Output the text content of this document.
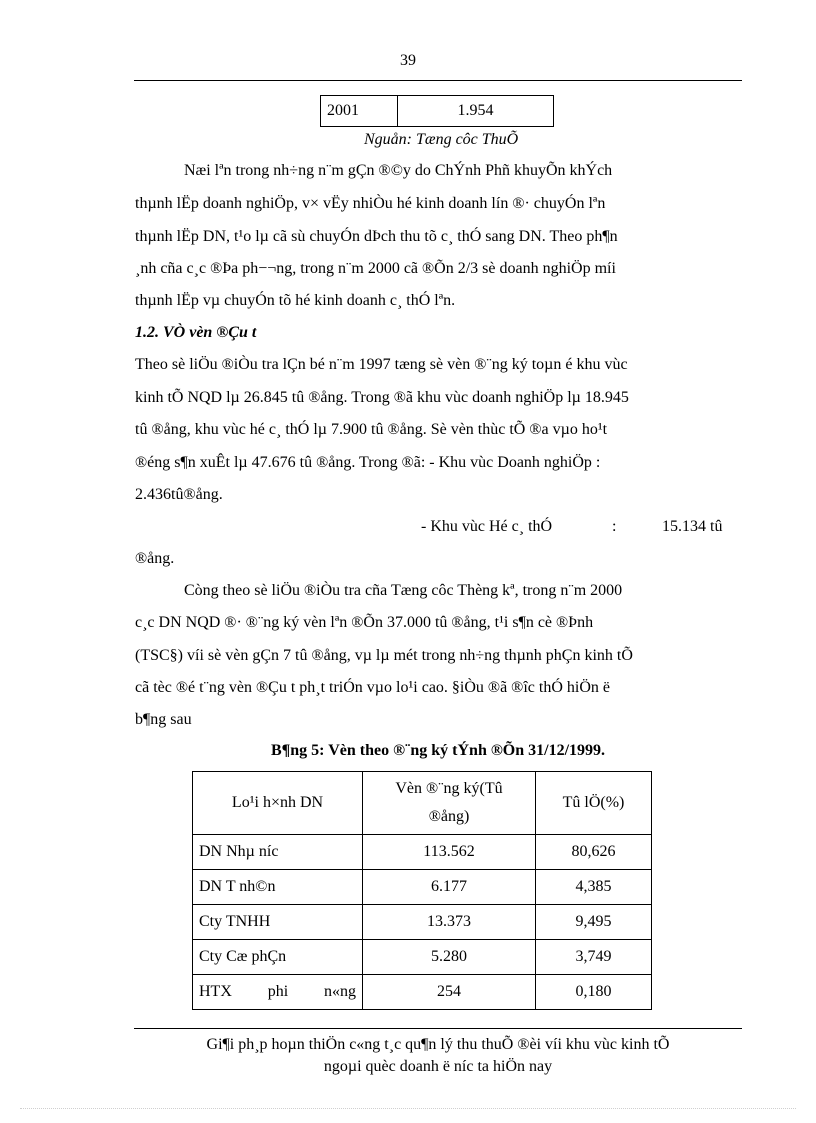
39
2001	1.954
Nguån: Tæng côc ThuÕ
Næi lªn trong nh÷ng n¨m gÇn ®©y do ChÝnh Phñ khuyÕn khÝch
thµnh lËp doanh nghiÖp, v× vËy nhiÒu hé kinh doanh lín ®· chuyÓn lªn
thµnh lËp DN, t¹o lµ cã sù chuyÓn dÞch thu tõ c¸ thÓ sang DN. Theo ph¶n
¸nh cña c¸c ®Þa ph−¬ng, trong n¨m 2000 cã ®Õn 2/3 sè doanh nghiÖp míi
thµnh lËp vµ chuyÓn tõ hé kinh doanh c¸ thÓ lªn.
1.2. VÒ vèn ®Çu t
Theo sè liÖu ®iÒu tra lÇn bé n¨m 1997 tæng sè vèn ®¨ng ký toµn é khu vùc
kinh tÕ NQD lµ 26.845 tû ®ång. Trong ®ã khu vùc doanh nghiÖp lµ 18.945
tû ®ång, khu vùc hé c¸ thÓ lµ 7.900 tû ®ång. Sè vèn thùc tÕ ®a vµo ho¹t
®éng s¶n xuÊt lµ 47.676 tû ®ång. Trong ®ã: - Khu vùc Doanh nghiÖp :
2.436tû®ång.
- Khu vùc Hé c¸ thÓ	:	15.134 tû
®ång.
Còng theo sè liÖu ®iÒu tra cña Tæng côc Thèng kª, trong n¨m 2000
c¸c DN NQD ®· ®¨ng ký vèn lªn ®Õn 37.000 tû ®ång, t¹i s¶n cè ®Þnh
(TSC§) víi sè vèn gÇn 7 tû ®ång, vµ lµ mét trong nh÷ng thµnh phÇn kinh tÕ
cã tèc ®é t¨ng vèn ®Çu t ph¸t triÓn vµo lo¹i cao. §iÒu ®ã ®îc thÓ hiÖn ë
b¶ng sau
B¶ng 5: Vèn theo ®¨ng ký tÝnh ®Õn 31/12/1999.
Lo¹i h×nh DN	Vèn ®¨ng ký(Tû
®ång)	Tû lÖ(%)
DN Nhµ níc	113.562	80,626
DN T nh©n	6.177	4,385
Cty TNHH	13.373	9,495
Cty Cæ phÇn	5.280	3,749
HTX phi n«ng	254	0,180
Gi¶i ph¸p hoµn thiÖn c«ng t¸c qu¶n lý thu thuÕ ®èi víi khu vùc kinh tÕ
ngoµi quèc doanh ë níc ta hiÖn nay
